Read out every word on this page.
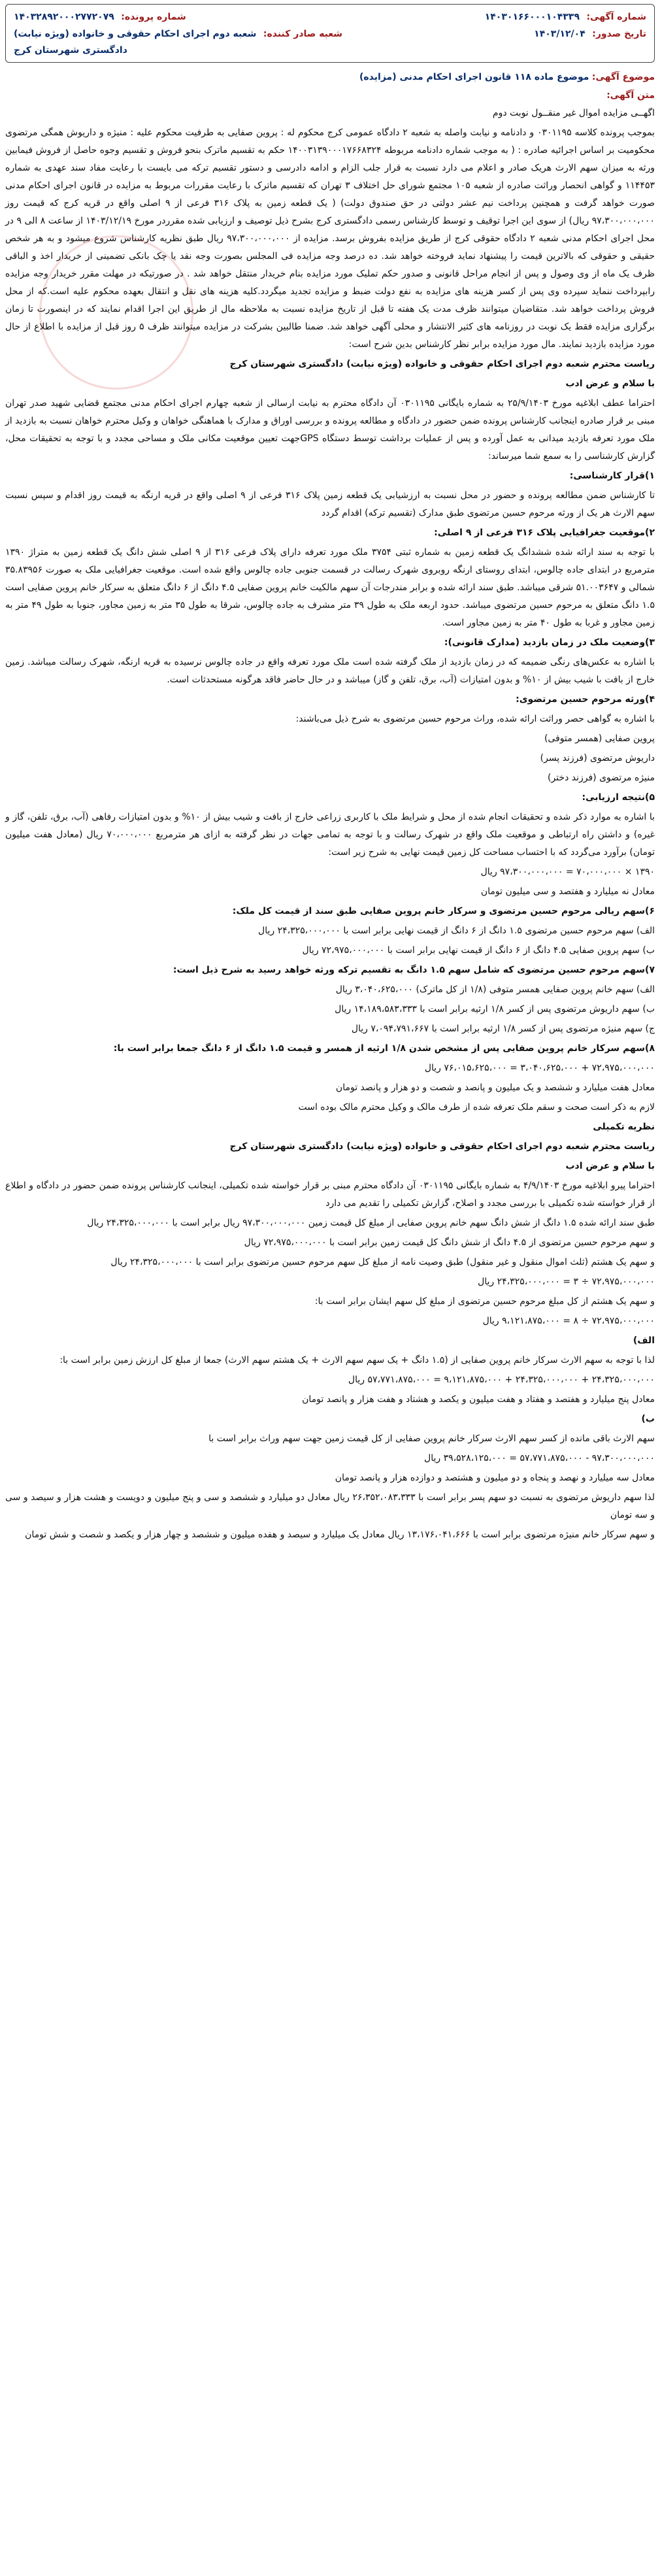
شماره آگهی: ۱۴۰۳۰۱۶۶۰۰۰۱۰۴۳۳۹
شماره پرونده: ۱۴۰۳۲۸۹۲۰۰۰۲۷۷۲۰۷۹
تاریخ صدور: ۱۴۰۳/۱۲/۰۴
شعبه صادر کننده: شعبه دوم اجرای احکام حقوقی و خانواده (ویژه نیابت)
دادگستری شهرستان کرج
موضوع آگهی: موضوع ماده ۱۱۸ قانون اجرای احکام مدنی (مزایده)
متن آگهی:

اگهــی مزایده اموال غیر منقــول نوبت دوم

بموجب پرونده کلاسه ۰۳۰۱۱۹۵ و دادنامه و نیابت واصله به شعبه ۲ دادگاه عمومی کرج محکوم له : پروین صفایی به طرفیت محکوم علیه : منیژه و داریوش همگی مرتضوی محکومیت بر اساس اجرائیه صادره : ( به موجب شماره دادنامه مربوطه ۱۴۰۰۳۱۳۹۰۰۰۱۷۶۶۸۳۲۴ حکم به تقسیم ماترک بنحو فروش و تقسیم وجوه حاصل از فروش فیمابین ورثه به میزان سهم الارث هریک صادر و اعلام می دارد نسبت به قرار جلب الزام و ادامه دادرسی و دستور تقسیم ترکه می بایست با رعایت مفاد سند عهدی به شماره ۱۱۴۴۵۳ و گواهی انحصار وراثت صادره از شعبه ۱۰۵ مجتمع شورای حل اختلاف ۳ تهران که تقسیم ماترک با رعایت مقررات مربوط به مزایده در قانون اجرای احکام مدنی صورت خواهد گرفت و همچنین پرداخت نیم عشر دولتی در حق صندوق دولت) ( یک قطعه زمین به پلاک ۳۱۶ فرعی از ۹ اصلی واقع در قریه کرج که قیمت روز ۹۷،۳۰۰،۰۰۰،۰۰۰ ریال) از سوی این اجرا توقیف و توسط کارشناس رسمی دادگستری کرج بشرح ذیل توصیف و ارزیابی شده مقرردر مورخ ۱۴۰۳/۱۲/۱۹ از ساعت ۸ الی ۹ در محل اجرای احکام مدنی شعبه ۲ دادگاه حقوقی کرج از طریق مزایده بفروش برسد. مزایده از ۹۷،۳۰۰،۰۰۰،۰۰۰ ریال طبق نظریه کارشناس شروع میشود و به هر شخص حقیقی و حقوقی که بالاترین قیمت را پیشنهاد نماید فروخته خواهد شد. ده درصد وجه مزایده فی المجلس بصورت وجه نقد یا چک بانکی تضمینی از خریدار اخذ و الباقی ظرف یک ماه از وی وصول و پس از انجام مراحل قانونی و صدور حکم تملیک مورد مزایده بنام خریدار منتقل خواهد شد . در صورتیکه در مهلت مقرر خریدار وجه مزایده رابپرداخت ننماید سپرده وی پس از کسر هزینه های مزایده به نفع دولت ضبط و مزایده تجدید میگردد.کلیه هزینه های نقل و انتقال بعهده محکوم علیه است.که از محل فروش پرداخت خواهد شد. متقاضیان میتوانند ظرف مدت یک هفته تا قبل از تاریخ مزایده نسبت به ملاحظه مال از طریق این اجرا اقدام نمایند که در اینصورت تا زمان برگزاری مزایده فقط یک نوبت در روزنامه های کثیر الانتشار و محلی آگهی خواهد شد. ضمنا طالبین بشرکت در مزایده میتوانند ظرف ۵ روز قبل از مزایده با اطلاع از حال مورد مزایده بازدید نمایند. مال مورد مزایده برابر نظر کارشناس بدین شرح است:

ریاست محترم شعبه دوم اجرای احکام حقوقی و خانواده (ویژه نیابت) دادگستری شهرستان کرج

با سلام و عرض ادب

احتراما عطف ابلاغیه مورخ ۲۵/۹/۱۴۰۳ به شماره بایگانی ۰۳۰۱۱۹۵ آن دادگاه محترم به نیابت ارسالی از شعبه چهارم اجرای احکام مدنی مجتمع قضایی شهید صدر تهران مبنی بر قرار صادره اینجانب کارشناس پرونده ضمن حضور در دادگاه و مطالعه پرونده و بررسی اوراق و مدارک با هماهنگی خواهان و وکیل محترم خواهان نسبت به بازدید از ملک مورد تعرفه بازدید میدانی به عمل آورده و پس از عملیات برداشت توسط دستگاه GPSجهت تعیین موقعیت مکانی ملک و مساحی مجدد و با توجه به تحقیقات محل، گزارش کارشناسی را به سمع شما میرساند:

۱)قرار کارشناسی:

تا کارشناس ضمن مطالعه پرونده و حضور در محل نسبت به ارزشیابی یک قطعه زمین پلاک ۳۱۶ فرعی از ۹ اصلی واقع در قریه ارنگه به قیمت روز اقدام و سپس نسبت سهم الارث هر یک از ورثه مرحوم حسین مرتضوی طبق مدارک (تقسیم ترکه) اقدام گردد

۲)موقعیت جغرافیایی پلاک ۳۱۶ فرعی از ۹ اصلی:

با توجه به سند ارائه شده ششدانگ یک قطعه زمین به شماره ثبتی ۳۷۵۴ ملک مورد تعرفه دارای پلاک فرعی ۳۱۶ از ۹ اصلی شش دانگ یک قطعه زمین به متراژ ۱۳۹۰ مترمربع در ابتدای جاده چالوس، ابتدای روستای ارنگه روبروی شهرک رسالت در قسمت جنوبی جاده چالوس واقع شده است. موقعیت جغرافیایی ملک به صورت ۳۵.۸۳۹۵۶ شمالی و ۵۱.۰۰۳۶۴۷ شرقی میباشد. طبق سند ارائه شده و برابر مندرجات آن سهم مالکیت خانم پروین صفایی ۴.۵ دانگ از ۶ دانگ متعلق به سرکار خانم پروین صفایی است ۱.۵ دانگ متعلق به مرحوم حسین مرتضوی میباشد. حدود اربعه ملک به طول ۳۹ متر مشرف به جاده چالوس، شرقا به طول ۳۵ متر به زمین مجاور، جنوبا به طول ۴۹ متر به زمین مجاور و غربا به طول ۴۰ متر به زمین مجاور است.

۳)وضعیت ملک در زمان بازدید (مدارک قانونی):

با اشاره به عکس‌های رنگی ضمیمه که در زمان بازدید از ملک گرفته شده است ملک مورد تعرفه واقع در جاده چالوس نرسیده به قریه ارنگه، شهرک رسالت میباشد. زمین خارج از بافت با شیب بیش از ۱۰% و بدون امتیازات (آب، برق، تلفن و گاز) میباشد و در حال حاضر فاقد هرگونه مستحدثات است.

۴)ورثه مرحوم حسین مرتضوی:

با اشاره به گواهی حصر وراثت ارائه شده، وراث مرحوم حسین مرتضوی به شرح ذیل می‌باشند:

پروین صفایی (همسر متوفی)

داریوش مرتضوی (فرزند پسر)

منیژه مرتضوی (فرزند دختر)

۵)نتیجه ارزیابی:

با اشاره به موارد ذکر شده و تحقیقات انجام شده از محل و شرایط ملک با کاربری زراعی خارج از بافت و شیب بیش از ۱۰% و بدون امتیازات رفاهی (آب، برق، تلفن، گاز و غیره) و داشتن راه ارتباطی و موقعیت ملک واقع در شهرک رسالت و با توجه به تمامی جهات در نظر گرفته به ازای هر مترمربع ۷۰،۰۰۰،۰۰۰ ریال (معادل هفت میلیون تومان) برآورد می‌گردد که با احتساب مساحت کل زمین قیمت نهایی به شرح زیر است:

۱۳۹۰ × ۷۰،۰۰۰،۰۰۰ = ۹۷،۳۰۰،۰۰۰،۰۰۰ ریال

معادل نه میلیارد و هفتصد و سی میلیون تومان

۶)سهم ریالی مرحوم حسین مرتضوی و سرکار خانم پروین صفایی طبق سند از قیمت کل ملک:

الف) سهم مرحوم حسین مرتضوی ۱.۵ دانگ از ۶ دانگ از قیمت نهایی برابر است با ۲۴،۳۲۵،۰۰۰،۰۰۰ ریال

ب) سهم پروین صفایی ۴.۵ دانگ از ۶ دانگ از قیمت نهایی برابر است با ۷۲،۹۷۵،۰۰۰،۰۰۰ ریال

۷)سهم مرحوم حسین مرتضوی که شامل سهم ۱.۵ دانگ به تقسیم ترکه ورثه خواهد رسید به شرح ذیل است:

الف) سهم خانم پروین صفایی همسر متوفی (۱/۸ از کل ماترک) ۳،۰۴۰،۶۲۵،۰۰۰ ریال

ب) سهم داریوش مرتضوی پس از کسر ۱/۸ ارثیه برابر است با ۱۴،۱۸۹،۵۸۳،۳۳۳ ریال

ج) سهم منیژه مرتضوی پس از کسر ۱/۸ ارثیه برابر است با ۷،۰۹۴،۷۹۱،۶۶۷ ریال

۸)سهم سرکار خانم پروین صفایی پس از مشخص شدن ۱/۸ ارثیه از همسر و قیمت ۱.۵ دانگ از ۶ دانگ جمعا برابر است با:

۷۲،۹۷۵،۰۰۰،۰۰۰ + ۳،۰۴۰،۶۲۵،۰۰۰ = ۷۶،۰۱۵،۶۲۵،۰۰۰ ریال

معادل هفت میلیارد و ششصد و یک میلیون و پانصد و شصت و دو هزار و پانصد تومان

لازم به ذکر است صحت و سقم ملک تعرفه شده از طرف مالک و وکیل محترم مالک بوده است

نظریه تکمیلی

ریاست محترم شعبه دوم اجرای احکام حقوقی و خانواده (ویژه نیابت) دادگستری شهرستان کرج

با سلام و عرض ادب

احتراما پیرو ابلاغیه مورخ ۴/۹/۱۴۰۳ به شماره بایگانی ۰۳۰۱۱۹۵ آن دادگاه محترم مبنی بر قرار خواسته شده تکمیلی، اینجانب کارشناس پرونده ضمن حضور در دادگاه و اطلاع از قرار خواسته شده تکمیلی با بررسی مجدد و اصلاح، گزارش تکمیلی را تقدیم می دارد

طبق سند ارائه شده ۱.۵ دانگ از شش دانگ سهم خانم پروین صفایی از مبلغ کل قیمت زمین ۹۷،۳۰۰،۰۰۰،۰۰۰ ریال برابر است با ۲۴،۳۲۵،۰۰۰،۰۰۰ ریال

و سهم مرحوم حسین مرتضوی از ۴.۵ دانگ از شش دانگ کل قیمت زمین برابر است با ۷۲،۹۷۵،۰۰۰،۰۰۰ ریال

و سهم یک هشتم (ثلث اموال منقول و غیر منقول) طبق وصیت نامه از مبلغ کل سهم مرحوم حسین مرتضوی برابر است با ۲۴،۳۲۵،۰۰۰،۰۰۰ ریال

۷۲،۹۷۵،۰۰۰،۰۰۰ ÷ ۳ = ۲۴،۳۲۵،۰۰۰،۰۰۰ ریال

و سهم یک هشتم از کل مبلغ مرحوم حسین مرتضوی از مبلغ کل سهم ایشان برابر است با:

۷۲،۹۷۵،۰۰۰،۰۰۰ ÷ ۸ = ۹،۱۲۱،۸۷۵،۰۰۰ ریال

الف)

لذا با توجه به سهم الارث سرکار خانم پروین صفایی از (۱.۵ دانگ + یک سهم سهم الارث + یک هشتم سهم الارث) جمعا از مبلغ کل ارزش زمین برابر است با:

۲۴،۳۲۵،۰۰۰،۰۰۰ + ۲۴،۳۲۵،۰۰۰،۰۰۰ + ۹،۱۲۱،۸۷۵،۰۰۰ = ۵۷،۷۷۱،۸۷۵،۰۰۰ ریال

معادل پنج میلیارد و هفتصد و هفتاد و هفت میلیون و یکصد و هشتاد و هفت هزار و پانصد تومان

ب)

سهم الارث باقی مانده از کسر سهم الارث سرکار خانم پروین صفایی از کل قیمت زمین جهت سهم وراث برابر است با

۹۷،۳۰۰،۰۰۰،۰۰۰ - ۵۷،۷۷۱،۸۷۵،۰۰۰ = ۳۹،۵۲۸،۱۲۵،۰۰۰ ریال

معادل سه میلیارد و نهصد و پنجاه و دو میلیون و هشتصد و دوازده هزار و پانصد تومان

لذا سهم داریوش مرتضوی به نسبت دو سهم پسر برابر است با ۲۶،۳۵۲،۰۸۳،۳۳۳ ریال معادل دو میلیارد و ششصد و سی و پنج میلیون و دویست و هشت هزار و سیصد و سی و سه تومان

و سهم سرکار خانم منیژه مرتضوی برابر است با ۱۳،۱۷۶،۰۴۱،۶۶۶ ریال معادل یک میلیارد و سیصد و هفده میلیون و ششصد و چهار هزار و یکصد و شصت و شش تومان
